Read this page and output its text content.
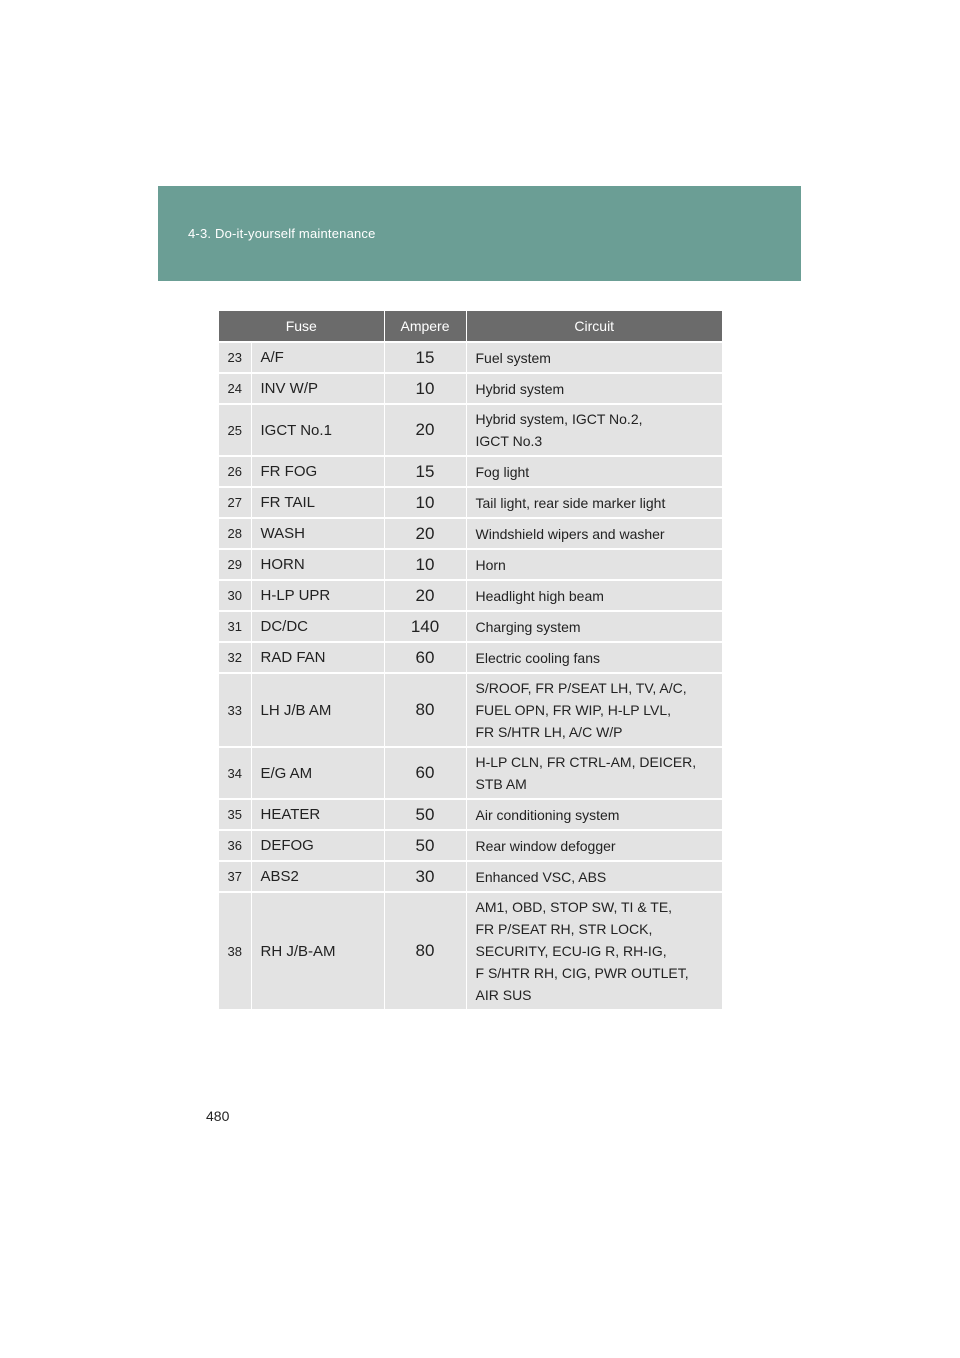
4-3. Do-it-yourself maintenance
Fuse		Ampere	Circuit
23	A/F	15	Fuel system
24	INV W/P	10	Hybrid system
25	IGCT No.1	20	Hybrid system, IGCT No.2,
IGCT No.3
26	FR FOG	15	Fog light
27	FR TAIL	10	Tail light, rear side marker light
28	WASH	20	Windshield wipers and washer
29	HORN	10	Horn
30	H-LP UPR	20	Headlight high beam
31	DC/DC	140	Charging system
32	RAD FAN	60	Electric cooling fans
33	LH J/B AM	80	S/ROOF, FR P/SEAT LH, TV, A/C,
FUEL OPN, FR WIP, H-LP LVL,
FR S/HTR LH, A/C W/P
34	E/G AM	60	H-LP CLN, FR CTRL-AM, DEICER,
STB AM
35	HEATER	50	Air conditioning system
36	DEFOG	50	Rear window defogger
37	ABS2	30	Enhanced VSC, ABS
38	RH J/B-AM	80	AM1, OBD, STOP SW, TI & TE,
FR P/SEAT RH, STR LOCK,
SECURITY, ECU-IG R, RH-IG,
F S/HTR RH, CIG, PWR OUTLET,
AIR SUS
480
